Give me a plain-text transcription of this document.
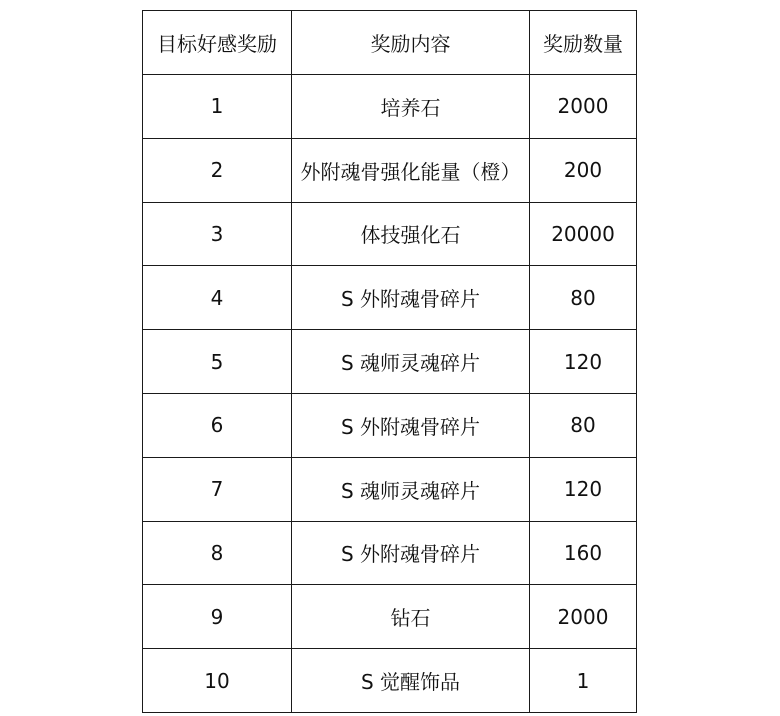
目标好感奖励	奖励内容	奖励数量
1	培养石	2000
2	外附魂骨强化能量（橙）	200
3	体技强化石	20000
4	S 外附魂骨碎片	80
5	S 魂师灵魂碎片	120
6	S 外附魂骨碎片	80
7	S 魂师灵魂碎片	120
8	S 外附魂骨碎片	160
9	钻石	2000
10	S 觉醒饰品	1
